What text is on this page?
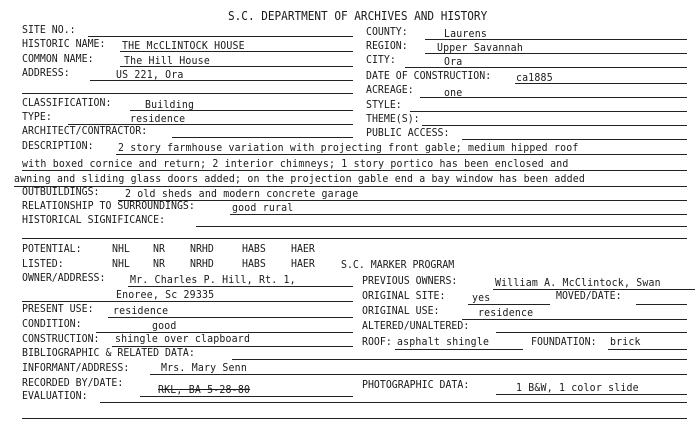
S.C. DEPARTMENT OF ARCHIVES AND HISTORY
SITE NO.:	COUNTY:	Laurens
HISTORIC NAME: THE McCLINTOCK HOUSE	REGION:	Upper Savannah
COMMON NAME:	The Hill House	CITY:	Ora
ADDRESS:	US 221, Ora	DATE OF CONSTRUCTION: ca1885
ACREAGE:	one
CLASSIFICATION:	Building	STYLE:
TYPE:	residence	THEME(S):
ARCHITECT/CONTRACTOR:	PUBLIC ACCESS:
DESCRIPTION: 2 story farmhouse variation with projecting front gable; medium hipped roof
with boxed cornice and return; 2 interior chimneys; 1 story portico has been enclosed and
awning and sliding glass doors added; on the projection gable end a bay window has been added
OUTBUILDINGS: 2 old sheds and modern concrete garage
RELATIONSHIP TO SURROUNDINGS:	good rural
HISTORICAL SIGNIFICANCE:
POTENTIAL:	NHL NR NRHD	HABS HAER
LISTED:	NHL NR NRHD	HABS HAER S.C. MARKER PROGRAM
OWNER/ADDRESS: Mr. Charles P. Hill, Rt. 1,
Enoree, Sc 29335
PREVIOUS OWNERS:	William A. McClintock, Swan
ORIGINAL SITE: yes	MOVED/DATE:
PRESENT USE: residence	ORIGINAL USE:	residence
CONDITION:	good	ALTERED/UNALTERED:
CONSTRUCTION: shingle over clapboard	ROOF: asphalt shingle	FOUNDATION: brick
BIBLIOGRAPHIC & RELATED DATA:
INFORMANT/ADDRESS:	Mrs. Mary Senn
RECORDED BY/DATE:
RKL, BA 5-28-80	PHOTOGRAPHIC DATA:	1 B&W, 1 color slide
EVALUATION:
